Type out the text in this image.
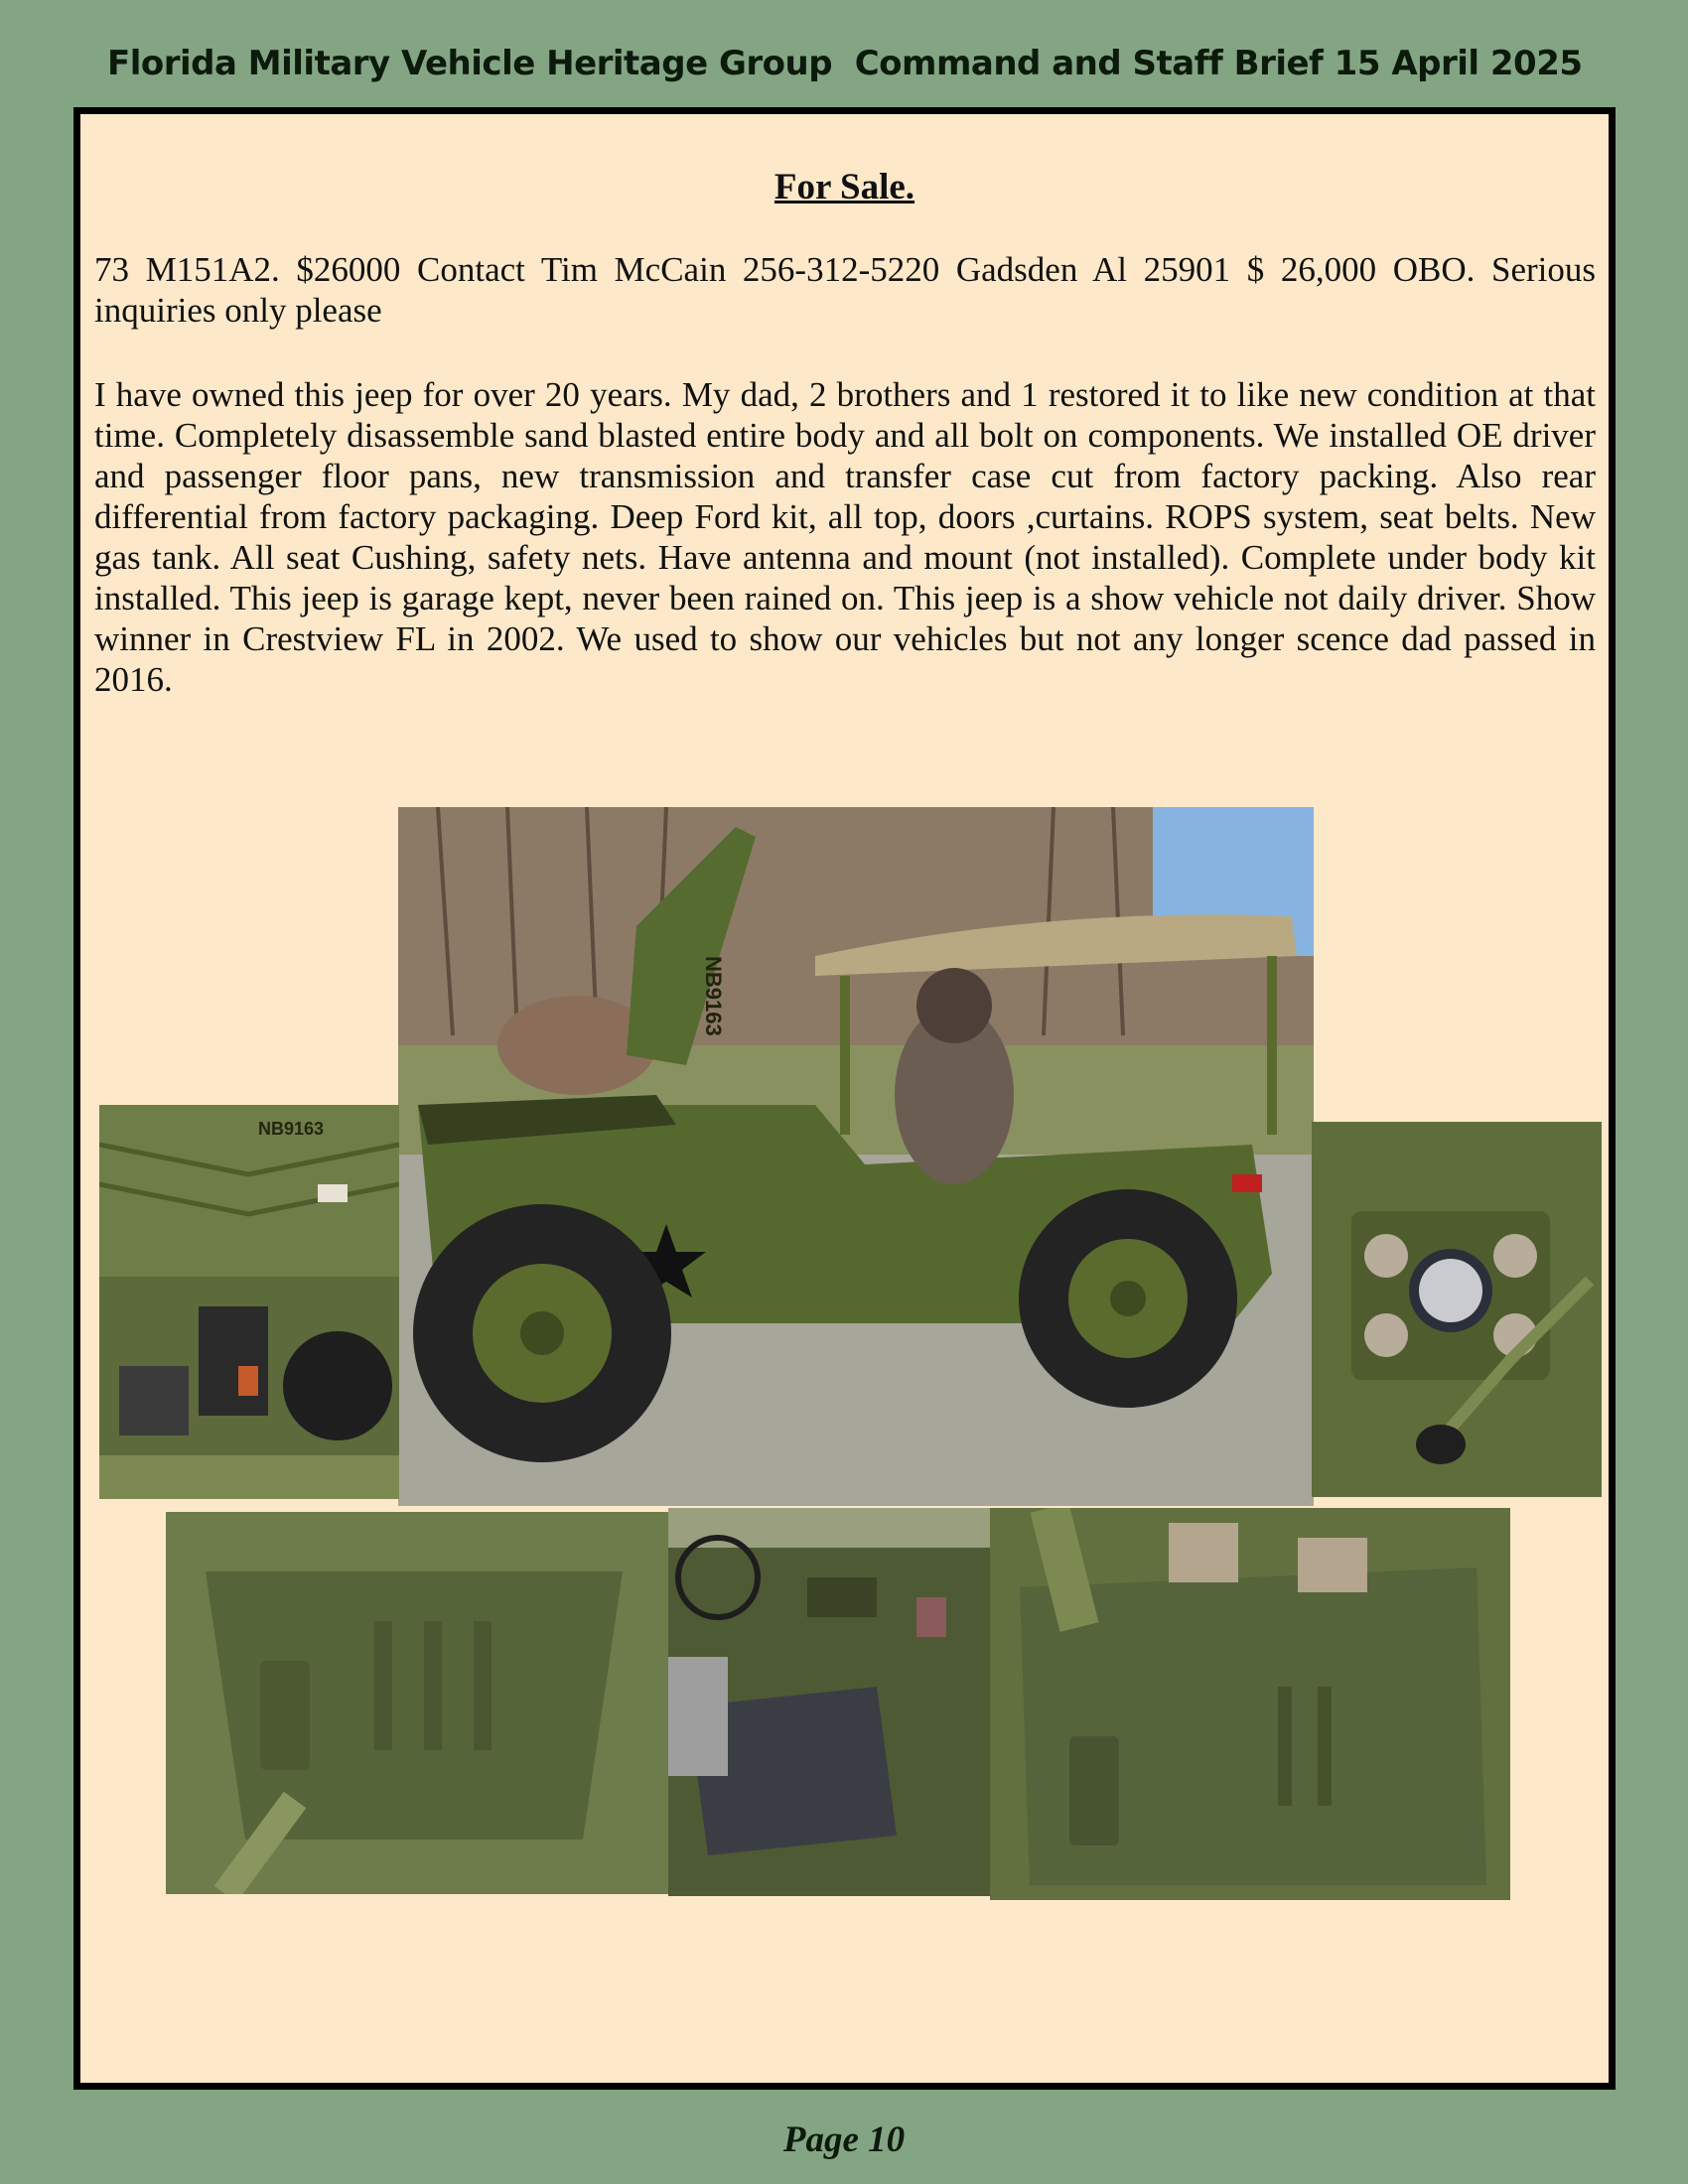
Florida Military Vehicle Heritage Group  Command and Staff Brief 15 April 2025
For Sale.

73 M151A2. $26000 Contact Tim McCain 256-312-5220 Gadsden Al 25901 $ 26,000 OBO. Serious inquiries only please

I have owned this jeep for over 20 years. My dad, 2 brothers and 1 restored it to like new condition at that time. Completely disassemble sand blasted entire body and all bolt on components. We installed OE driver and passenger floor pans, new transmission and transfer case cut from factory packing. Also rear differential from factory packaging. Deep Ford kit, all top, doors ,curtains. ROPS system, seat belts. New gas tank. All seat Cushing, safety nets. Have antenna and mount (not installed). Complete under body kit installed. This jeep is garage kept, never been rained on. This jeep is a show vehicle not daily driver. Show winner in Crestview FL in 2002. We used to show our vehicles but not any longer scence dad passed in 2016.

NB9163
NB9163
Page 10
